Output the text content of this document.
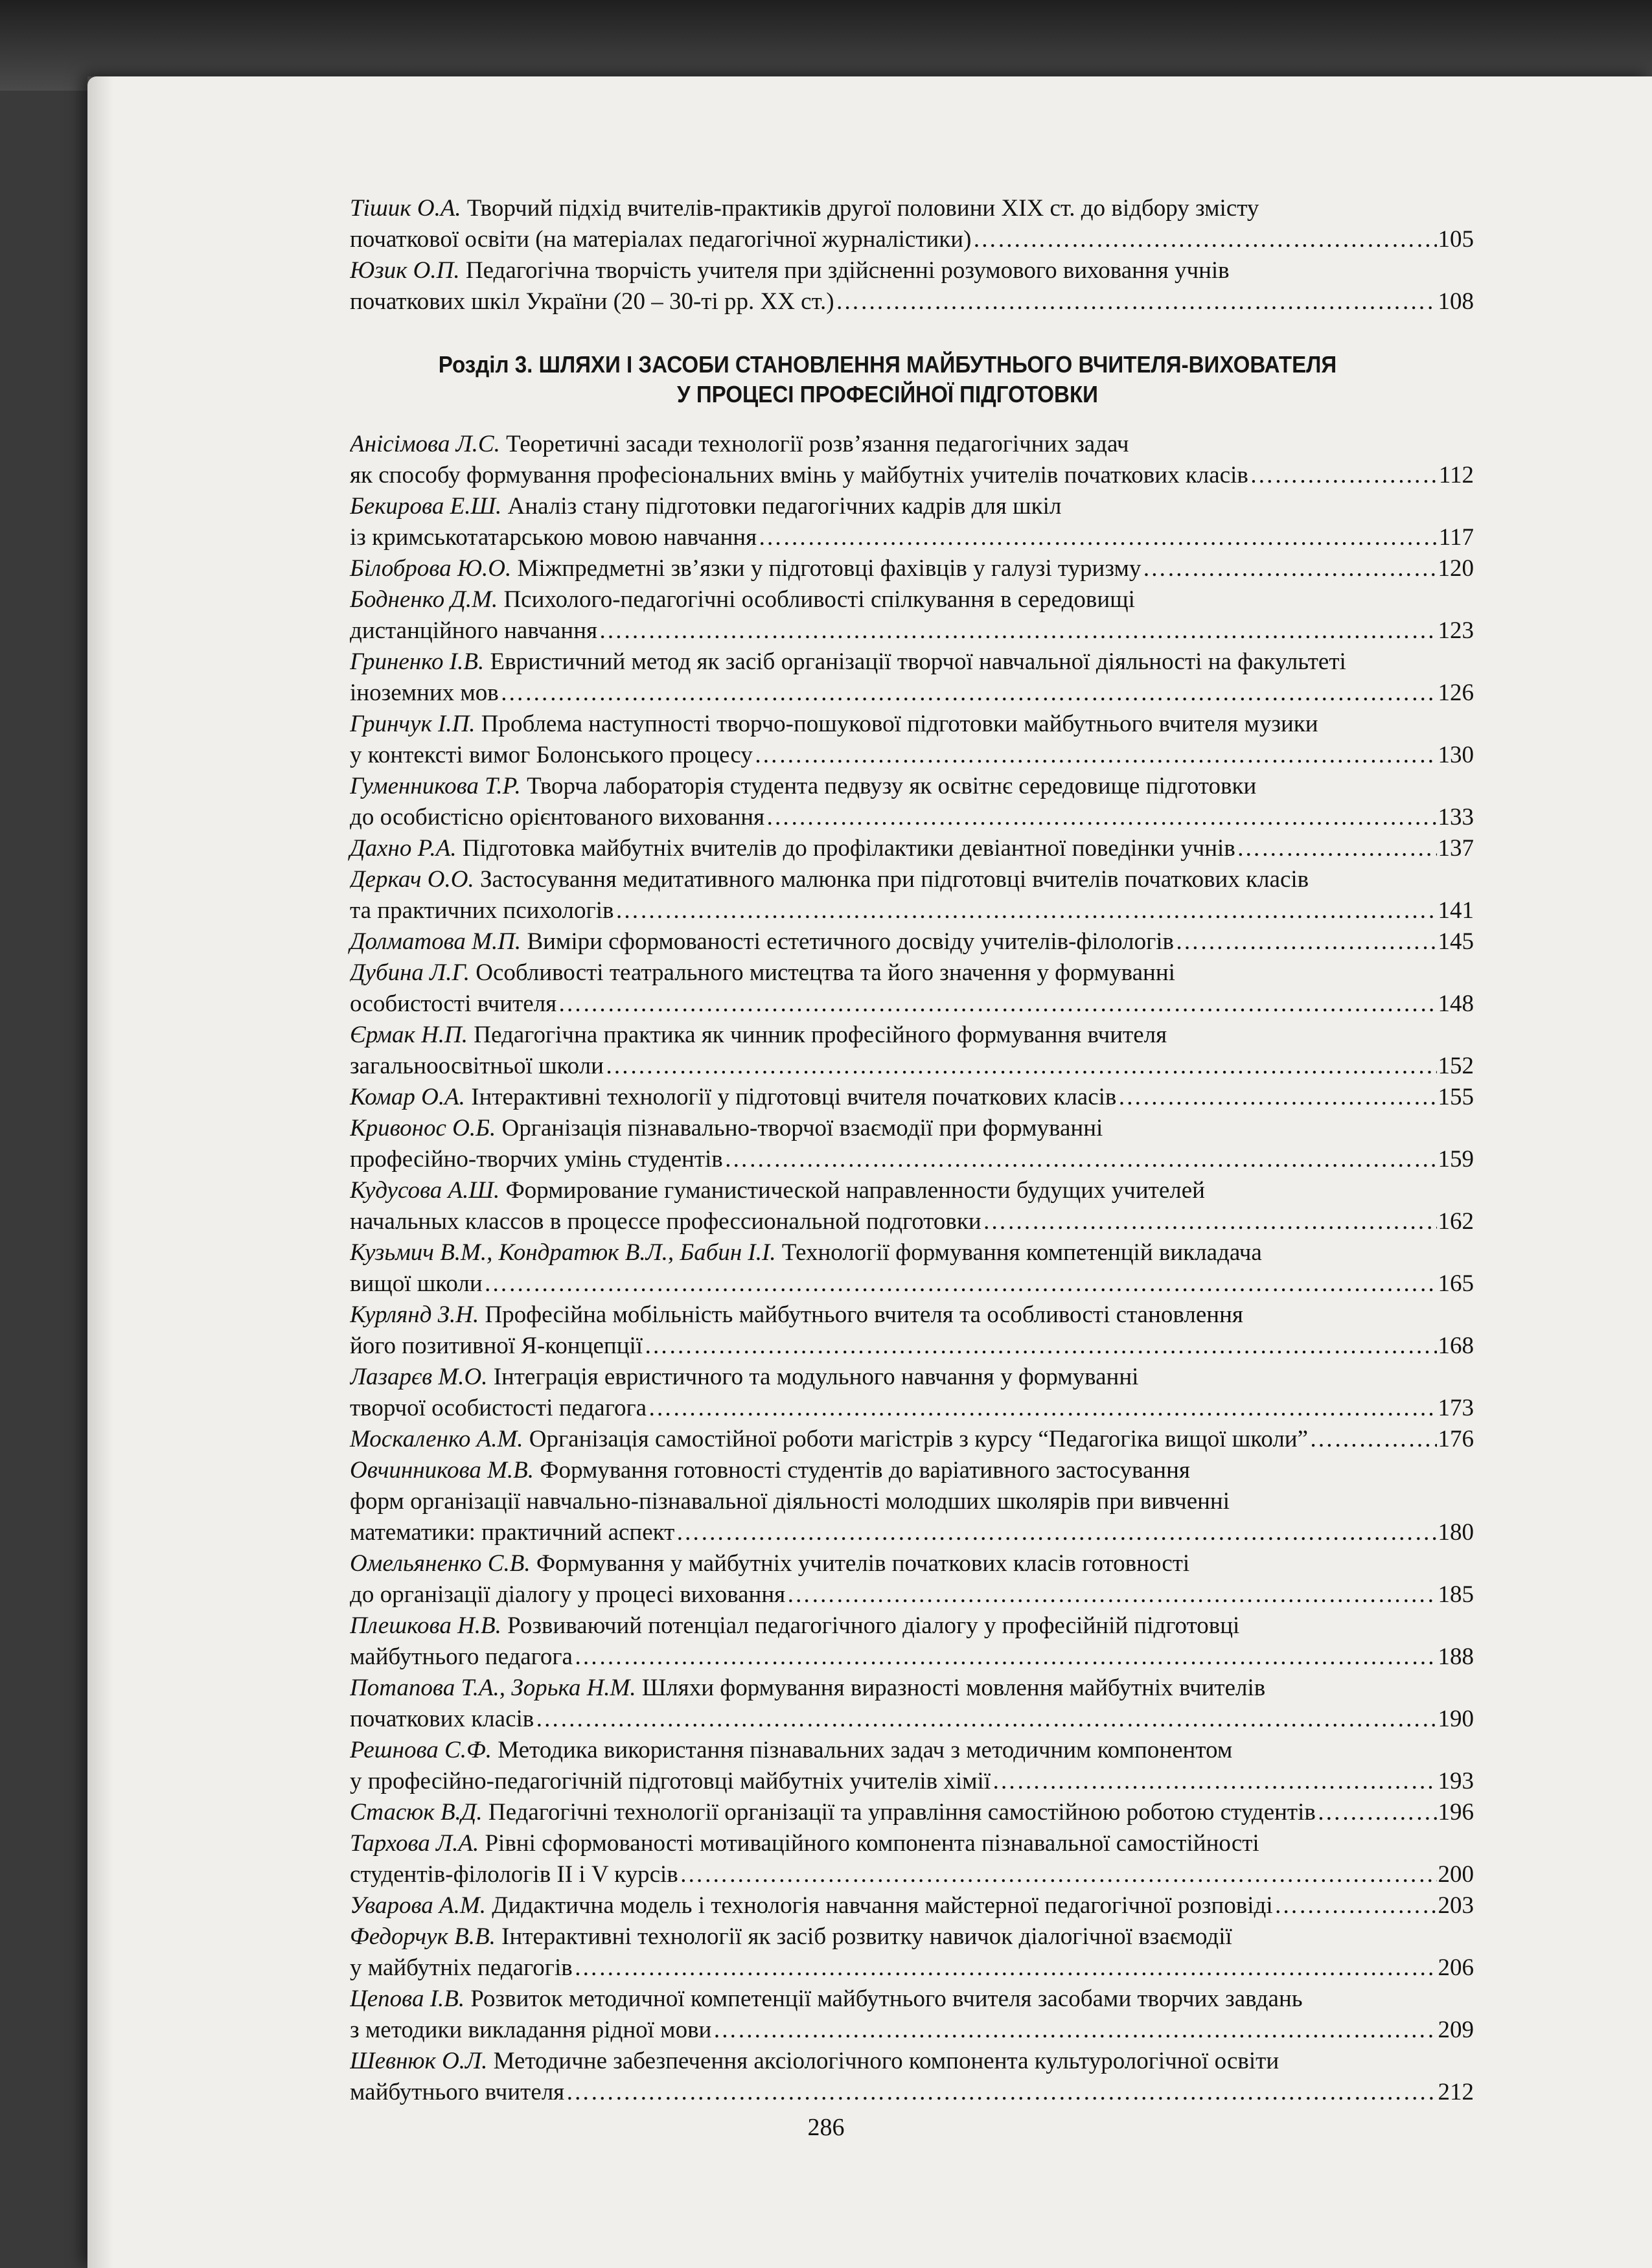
Тішик О.А. Творчий підхід вчителів-практиків другої половини XIX ст. до відбору змісту
початкової освіти (на матеріалах педагогічної журналістики) …………………………………………………………………………………………………………………………………………………………………………………………………………………………………………………………………………	105
Юзик О.П. Педагогічна творчість учителя при здійсненні розумового виховання учнів
початкових шкіл України (20 – 30-ті рр. XX ст.) …………………………………………………………………………………………………………………………………………………………………………………………………………………………………………………………………………	108
Розділ 3. ШЛЯХИ І ЗАСОБИ СТАНОВЛЕННЯ МАЙБУТНЬОГО ВЧИТЕЛЯ-ВИХОВАТЕЛЯ
У ПРОЦЕСІ ПРОФЕСІЙНОЇ ПІДГОТОВКИ
Анісімова Л.С. Теоретичні засади технології розв’язання педагогічних задач
як способу формування професіональних вмінь у майбутніх учителів початкових класів …………………………………………………………………………………………………………………………………………………………………………………………………………………………………………………………………………	112
Бекирова Е.Ш. Аналіз стану підготовки педагогічних кадрів для шкіл
із кримськотатарською мовою навчання …………………………………………………………………………………………………………………………………………………………………………………………………………………………………………………………………………	117
Білоброва Ю.О. Міжпредметні зв’язки у підготовці фахівців у галузі туризму …………………………………………………………………………………………………………………………………………………………………………………………………………………………………………………………………………	120
Бодненко Д.М. Психолого-педагогічні особливості спілкування в середовищі
дистанційного навчання …………………………………………………………………………………………………………………………………………………………………………………………………………………………………………………………………………	123
Гриненко І.В. Евристичний метод як засіб організації творчої навчальної діяльності на факультеті
іноземних мов …………………………………………………………………………………………………………………………………………………………………………………………………………………………………………………………………………	126
Гринчук І.П. Проблема наступності творчо-пошукової підготовки майбутнього вчителя музики
у контексті вимог Болонського процесу …………………………………………………………………………………………………………………………………………………………………………………………………………………………………………………………………………	130
Гуменникова Т.Р. Творча лабораторія студента педвузу як освітнє середовище підготовки
до особистісно орієнтованого виховання …………………………………………………………………………………………………………………………………………………………………………………………………………………………………………………………………………	133
Дахно Р.А. Підготовка майбутніх вчителів до профілактики девіантної поведінки учнів …………………………………………………………………………………………………………………………………………………………………………………………………………………………………………………………………………	137
Деркач О.О. Застосування медитативного малюнка при підготовці вчителів початкових класів
та практичних психологів …………………………………………………………………………………………………………………………………………………………………………………………………………………………………………………………………………	141
Долматова М.П. Виміри сформованості естетичного досвіду учителів-філологів …………………………………………………………………………………………………………………………………………………………………………………………………………………………………………………………………………	145
Дубина Л.Г. Особливості театрального мистецтва та його значення у формуванні
особистості вчителя …………………………………………………………………………………………………………………………………………………………………………………………………………………………………………………………………………	148
Єрмак Н.П. Педагогічна практика як чинник професійного формування вчителя
загальноосвітньої школи …………………………………………………………………………………………………………………………………………………………………………………………………………………………………………………………………………	152
Комар О.А. Інтерактивні технології у підготовці вчителя початкових класів …………………………………………………………………………………………………………………………………………………………………………………………………………………………………………………………………………	155
Кривонос О.Б. Організація пізнавально-творчої взаємодії при формуванні
професійно-творчих умінь студентів …………………………………………………………………………………………………………………………………………………………………………………………………………………………………………………………………………	159
Кудусова А.Ш. Формирование гуманистической направленности будущих учителей
начальных классов в процессе профессиональной подготовки …………………………………………………………………………………………………………………………………………………………………………………………………………………………………………………………………………	162
Кузьмич В.М., Кондратюк В.Л., Бабин І.І. Технології формування компетенцій викладача
вищої школи …………………………………………………………………………………………………………………………………………………………………………………………………………………………………………………………………………	165
Курлянд З.Н. Професійна мобільність майбутнього вчителя та особливості становлення
його позитивної Я-концепції …………………………………………………………………………………………………………………………………………………………………………………………………………………………………………………………………………	168
Лазарєв М.О. Інтеграція евристичного та модульного навчання у формуванні
творчої особистості педагога …………………………………………………………………………………………………………………………………………………………………………………………………………………………………………………………………………	173
Москаленко А.М. Організація самостійної роботи магістрів з курсу “Педагогіка вищої школи” …………………………………………………………………………………………………………………………………………………………………………………………………………………………………………………………………………	176
Овчинникова М.В. Формування готовності студентів до варіативного застосування
форм організації навчально-пізнавальної діяльності молодших школярів при вивченні
математики: практичний аспект …………………………………………………………………………………………………………………………………………………………………………………………………………………………………………………………………………	180
Омельяненко С.В. Формування у майбутніх учителів початкових класів готовності
до організації діалогу у процесі виховання …………………………………………………………………………………………………………………………………………………………………………………………………………………………………………………………………………	185
Плешкова Н.В. Розвиваючий потенціал педагогічного діалогу у професійній підготовці
майбутнього педагога …………………………………………………………………………………………………………………………………………………………………………………………………………………………………………………………………………	188
Потапова Т.А., Зорька Н.М. Шляхи формування виразності мовлення майбутніх вчителів
початкових класів …………………………………………………………………………………………………………………………………………………………………………………………………………………………………………………………………………	190
Решнова С.Ф. Методика використання пізнавальних задач з методичним компонентом
у професійно-педагогічній підготовці майбутніх учителів хімії …………………………………………………………………………………………………………………………………………………………………………………………………………………………………………………………………………	193
Стасюк В.Д. Педагогічні технології організації та управління самостійною роботою студентів …………………………………………………………………………………………………………………………………………………………………………………………………………………………………………………………………………	196
Тархова Л.А. Рівні сформованості мотиваційного компонента пізнавальної самостійності
студентів-філологів II і V курсів …………………………………………………………………………………………………………………………………………………………………………………………………………………………………………………………………………	200
Уварова А.М. Дидактична модель і технологія навчання майстерної педагогічної розповіді …………………………………………………………………………………………………………………………………………………………………………………………………………………………………………………………………………	203
Федорчук В.В. Інтерактивні технології як засіб розвитку навичок діалогічної взаємодії
у майбутніх педагогів …………………………………………………………………………………………………………………………………………………………………………………………………………………………………………………………………………	206
Цепова І.В. Розвиток методичної компетенції майбутнього вчителя засобами творчих завдань
з методики викладання рідної мови …………………………………………………………………………………………………………………………………………………………………………………………………………………………………………………………………………	209
Шевнюк О.Л. Методичне забезпечення аксіологічного компонента культурологічної освіти
майбутнього вчителя …………………………………………………………………………………………………………………………………………………………………………………………………………………………………………………………………………	212
286
